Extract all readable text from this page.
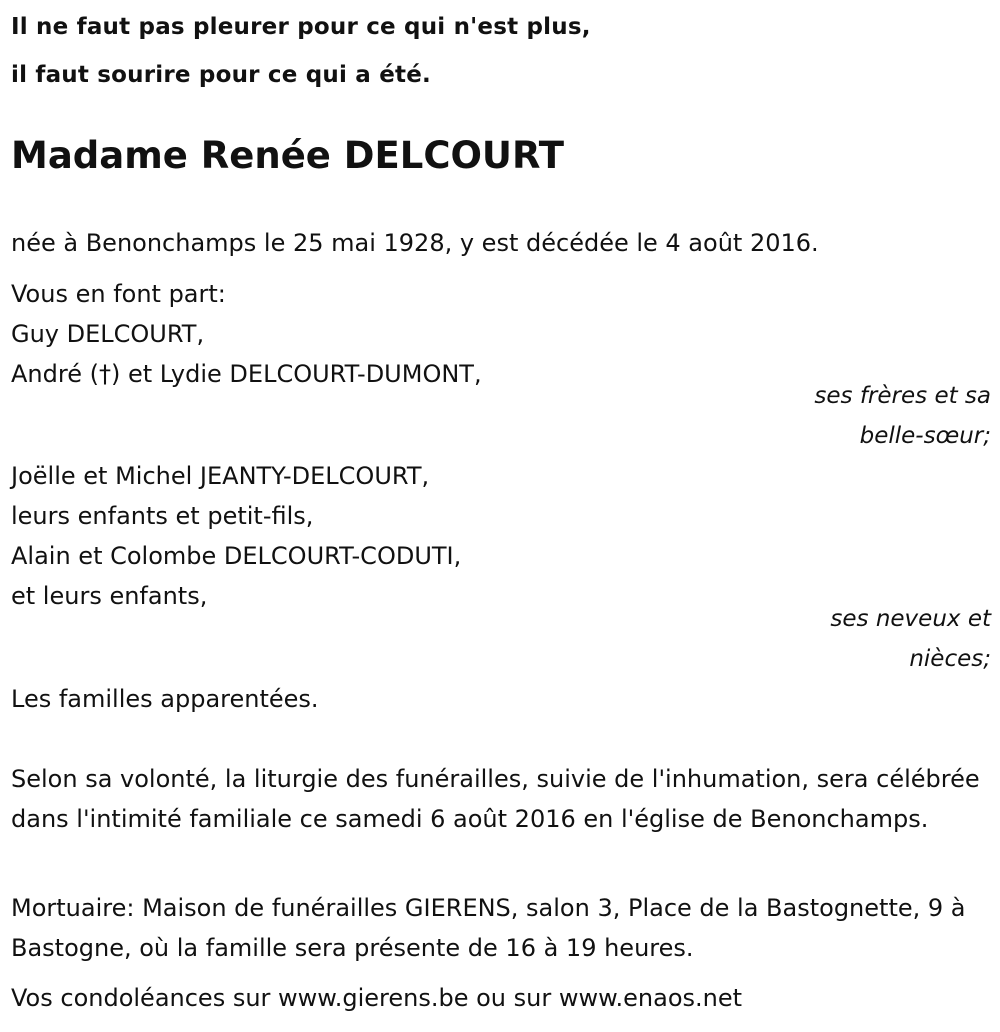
Il ne faut pas pleurer pour ce qui n'est plus,

il faut sourire pour ce qui a été.

Madame Renée DELCOURT

née à Benonchamps le 25 mai 1928, y est décédée le 4 août 2016.

Vous en font part:

Guy DELCOURT,

André (†) et Lydie DELCOURT-DUMONT,

ses frères et sa

belle-sœur;

Joëlle et Michel JEANTY-DELCOURT,

leurs enfants et petit-fils,

Alain et Colombe DELCOURT-CODUTI,

et leurs enfants,

ses neveux et

nièces;

Les familles apparentées.

Selon sa volonté, la liturgie des funérailles, suivie de l'inhumation, sera célébrée dans l'intimité familiale ce samedi 6 août 2016 en l'église de Benonchamps.

Mortuaire: Maison de funérailles GIERENS, salon 3, Place de la Bastognette, 9 à Bastogne, où la famille sera présente de 16 à 19 heures.

Vos condoléances sur www.gierens.be ou sur www.enaos.net
